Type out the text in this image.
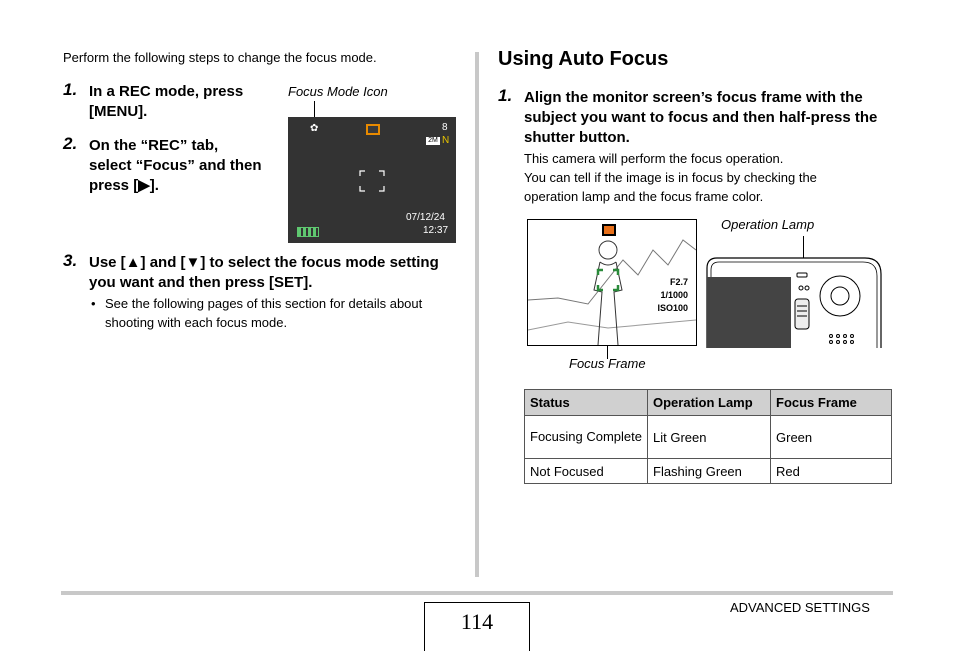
Perform the following steps to change the focus mode.
1. In a REC mode, press [MENU].
2. On the “REC” tab, select “Focus” and then press [▶].
Focus Mode Icon
✿	8
2M N
07/12/24
12:37
3. Use [▲] and [▼] to select the focus mode setting you want and then press [SET].
• See the following pages of this section for details about shooting with each focus mode.
Using Auto Focus
1. Align the monitor screen’s focus frame with the subject you want to focus and then half-press the shutter button.
This camera will perform the focus operation.
You can tell if the image is in focus by checking the operation lamp and the focus frame color.
F2.7
1/1000
ISO100
Focus Frame
Operation Lamp
Status	Operation Lamp	Focus Frame
Focusing Complete	Lit Green	Green
Not Focused	Flashing Green	Red
ADVANCED SETTINGS
114
